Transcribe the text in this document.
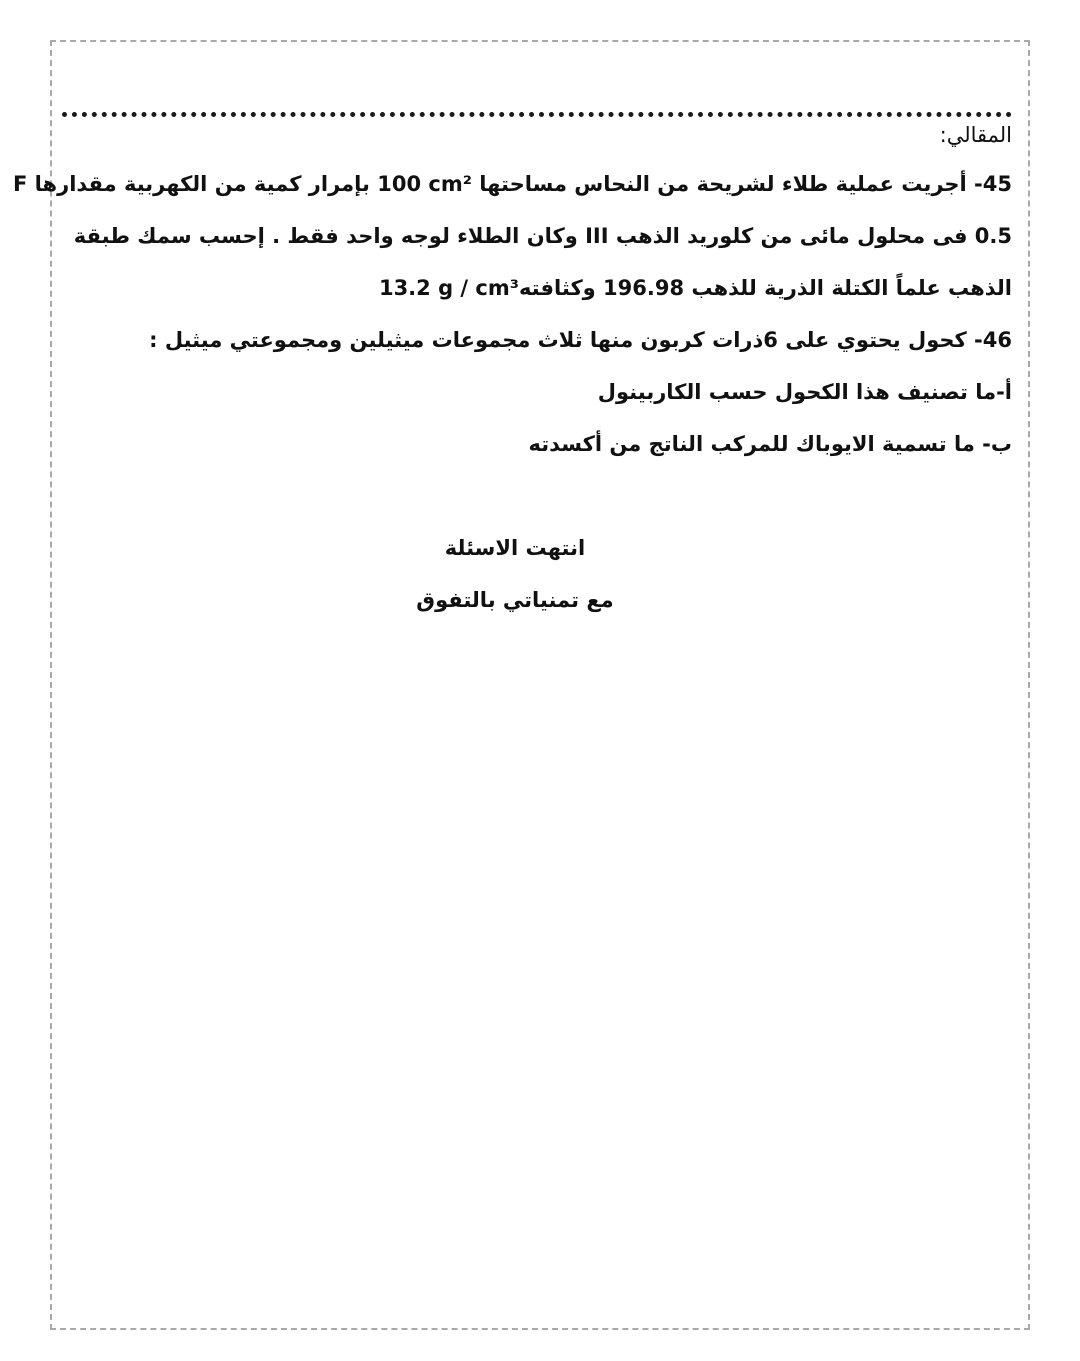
المقالي:
45- أجريت عملية طلاء لشريحة من النحاس مساحتها 100 cm² بإمرار كمية من الكهربية مقدارها F
0.5 فى محلول مائى من كلوريد الذهب III وكان الطلاء لوجه واحد فقط . إحسب سمك طبقة
الذهب علماً الكتلة الذرية للذهب 196.98 وكثافته13.2 g / cm³
46- كحول يحتوي على 6ذرات كربون منها ثلاث مجموعات ميثيلين ومجموعتي ميثيل :
أ-ما تصنيف هذا الكحول حسب الكاربينول
ب- ما تسمية الايوباك للمركب الناتج من أكسدته
انتهت الاسئلة
مع تمنياتي بالتفوق
